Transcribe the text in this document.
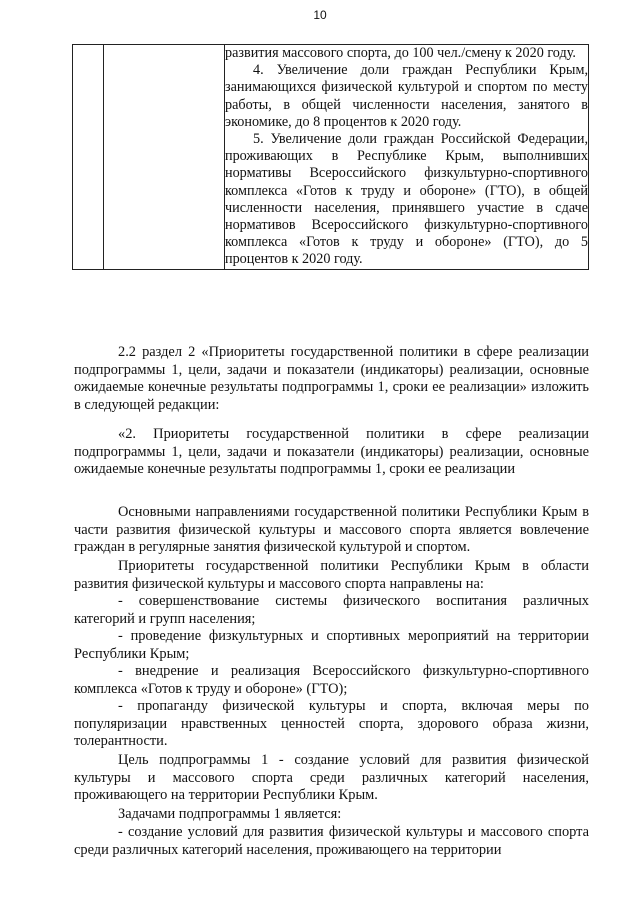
10

развития массового спорта, до 100 чел./смену к 2020 году.

4. Увеличение доли граждан Республики Крым, занимающихся физической культурой и спортом по месту работы, в общей численности населения, занятого в экономике, до 8 процентов к 2020 году.

5. Увеличение доли граждан Российской Федерации, проживающих в Республике Крым, выполнивших нормативы Всероссийского физкультурно-спортивного комплекса «Готов к труду и обороне» (ГТО), в общей численности населения, принявшего участие в сдаче нормативов Всероссийского физкультурно-спортивного комплекса «Готов к труду и обороне» (ГТО), до 5 процентов к 2020 году.

2.2 раздел 2 «Приоритеты государственной политики в сфере реализации подпрограммы 1, цели, задачи и показатели (индикаторы) реализации, основные ожидаемые конечные результаты подпрограммы 1, сроки ее реализации» изложить в следующей редакции:

«2. Приоритеты государственной политики в сфере реализации подпрограммы 1, цели, задачи и показатели (индикаторы) реализации, основные ожидаемые конечные результаты подпрограммы 1, сроки ее реализации

Основными направлениями государственной политики Республики Крым в части развития физической культуры и массового спорта является вовлечение граждан в регулярные занятия физической культурой и спортом.

Приоритеты государственной политики Республики Крым в области развития физической культуры и массового спорта направлены на:

- совершенствование системы физического воспитания различных категорий и групп населения;

- проведение физкультурных и спортивных мероприятий на территории Республики Крым;

- внедрение и реализация Всероссийского физкультурно-спортивного комплекса «Готов к труду и обороне» (ГТО);

- пропаганду физической культуры и спорта, включая меры по популяризации нравственных ценностей спорта, здорового образа жизни, толерантности.

Цель подпрограммы 1 - создание условий для развития физической культуры и массового спорта среди различных категорий населения, проживающего на территории Республики Крым.

Задачами подпрограммы 1 является:

- создание условий для развития физической культуры и массового спорта среди различных категорий населения, проживающего на территории
